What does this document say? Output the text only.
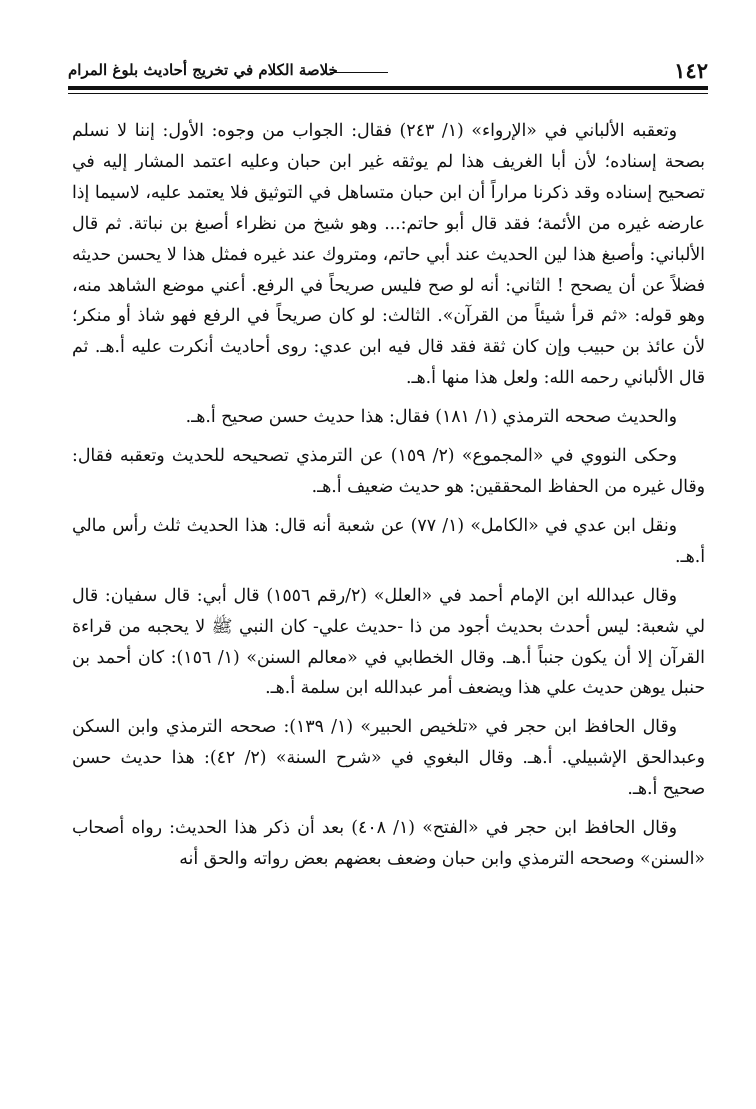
١٤٢
خلاصة الكلام في تخريج أحاديث بلوغ المرام

وتعقبه الألباني في «الإرواء» (١/ ٢٤٣) فقال: الجواب من وجوه: الأول: إننا لا نسلم بصحة إسناده؛ لأن أبا الغريف هذا لم يوثقه غير ابن حبان وعليه اعتمد المشار إليه في تصحيح إسناده وقد ذكرنا مراراً أن ابن حبان متساهل في التوثيق فلا يعتمد عليه، لاسيما إذا عارضه غيره من الأئمة؛ فقد قال أبو حاتم:... وهو شيخ من نظراء أصبغ بن نباتة. ثم قال الألباني: وأصبغ هذا لين الحديث عند أبي حاتم، ومتروك عند غيره فمثل هذا لا يحسن حديثه فضلاً عن أن يصحح ! الثاني: أنه لو صح فليس صريحاً في الرفع. أعني موضع الشاهد منه، وهو قوله: «ثم قرأ شيئاً من القرآن». الثالث: لو كان صريحاً في الرفع فهو شاذ أو منكر؛ لأن عائذ بن حبيب وإن كان ثقة فقد قال فيه ابن عدي: روى أحاديث أنكرت عليه أ.هـ. ثم قال الألباني رحمه الله: ولعل هذا منها أ.هـ.

والحديث صححه الترمذي (١/ ١٨١) فقال: هذا حديث حسن صحيح أ.هـ.

وحكى النووي في «المجموع» (٢/ ١٥٩) عن الترمذي تصحيحه للحديث وتعقبه فقال: وقال غيره من الحفاظ المحققين: هو حديث ضعيف أ.هـ.

ونقل ابن عدي في «الكامل» (١/ ٧٧) عن شعبة أنه قال: هذا الحديث ثلث رأس مالي أ.هـ.

وقال عبدالله ابن الإمام أحمد في «العلل» (٢/رقم ١٥٥٦) قال أبي: قال سفيان: قال لي شعبة: ليس أحدث بحديث أجود من ذا -حديث علي- كان النبي ﷺ لا يحجبه من قراءة القرآن إلا أن يكون جنباً أ.هـ. وقال الخطابي في «معالم السنن» (١/ ١٥٦): كان أحمد بن حنبل يوهن حديث علي هذا ويضعف أمر عبدالله ابن سلمة أ.هـ.

وقال الحافظ ابن حجر في «تلخيص الحبير» (١/ ١٣٩): صححه الترمذي وابن السكن وعبدالحق الإشبيلي. أ.هـ. وقال البغوي في «شرح السنة» (٢/ ٤٢): هذا حديث حسن صحيح أ.هـ.

وقال الحافظ ابن حجر في «الفتح» (١/ ٤٠٨) بعد أن ذكر هذا الحديث: رواه أصحاب «السنن» وصححه الترمذي وابن حبان وضعف بعضهم بعض رواته والحق أنه
